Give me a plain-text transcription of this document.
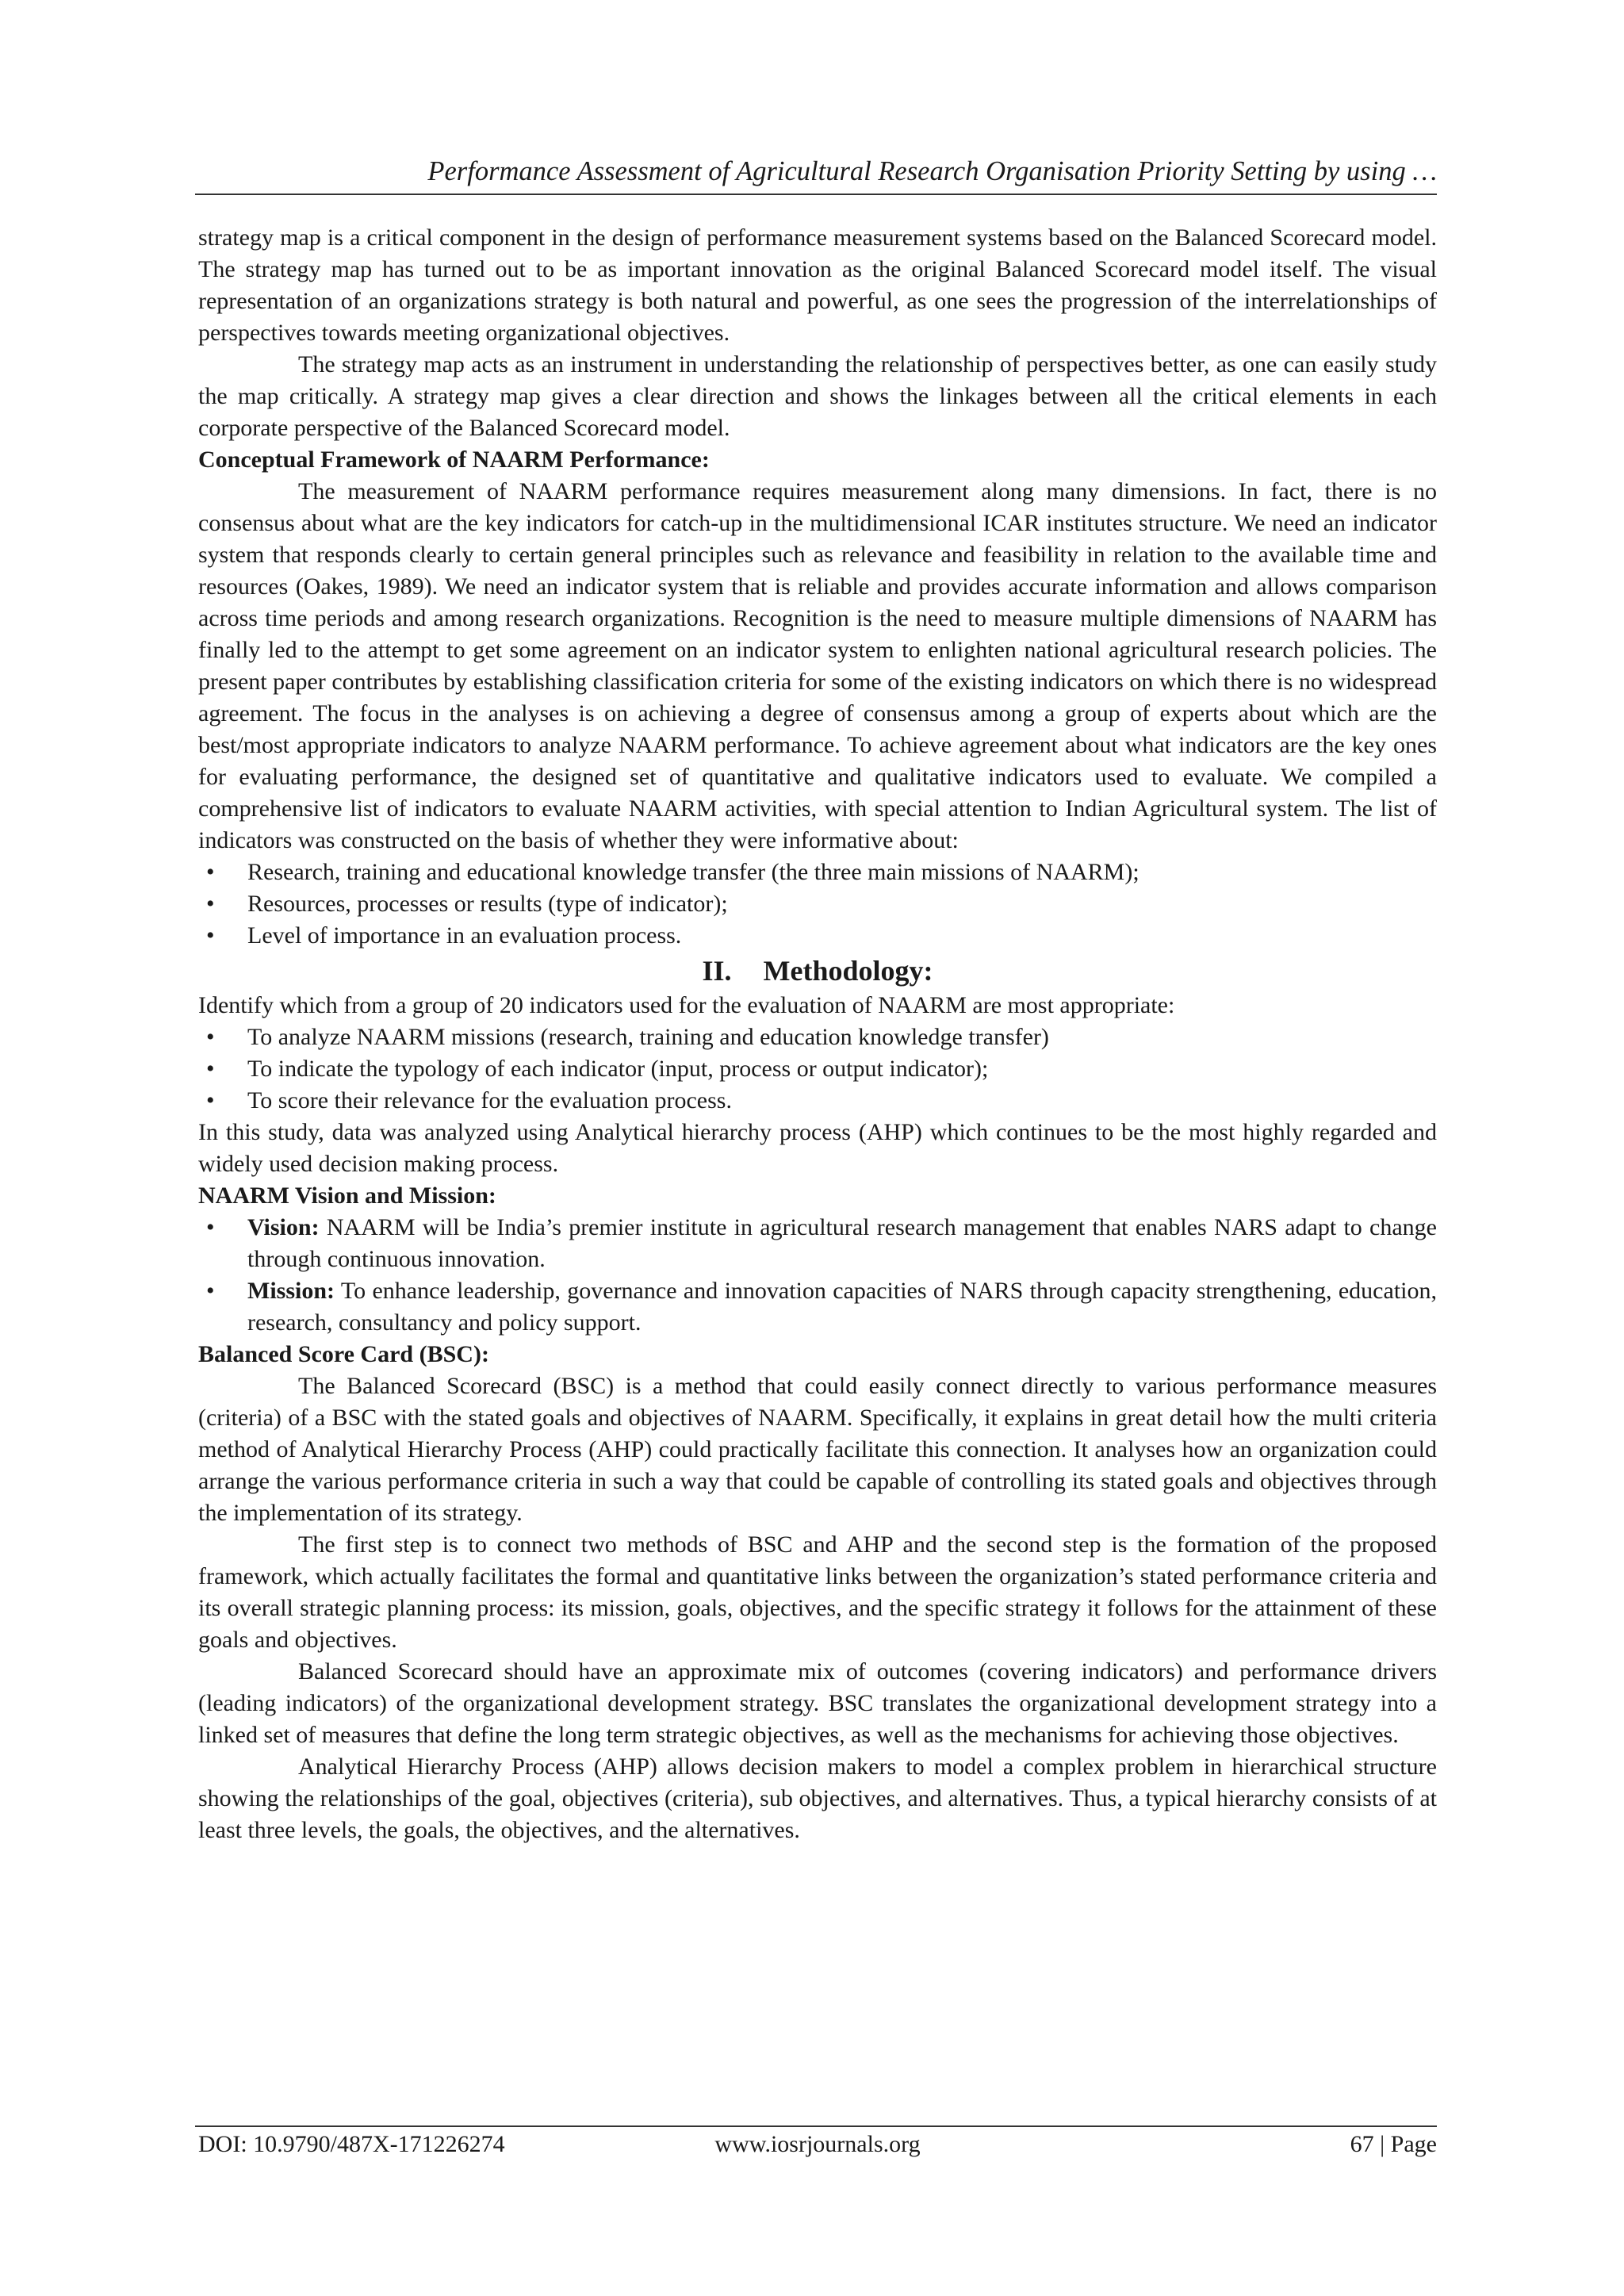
Performance Assessment of Agricultural Research Organisation Priority Setting by using …

strategy map is a critical component in the design of performance measurement systems based on the Balanced Scorecard model. The strategy map has turned out to be as important innovation as the original Balanced Scorecard model itself. The visual representation of an organizations strategy is both natural and powerful, as one sees the progression of the interrelationships of perspectives towards meeting organizational objectives.

The strategy map acts as an instrument in understanding the relationship of perspectives better, as one can easily study the map critically. A strategy map gives a clear direction and shows the linkages between all the critical elements in each corporate perspective of the Balanced Scorecard model.

Conceptual Framework of NAARM Performance:

The measurement of NAARM performance requires measurement along many dimensions. In fact, there is no consensus about what are the key indicators for catch-up in the multidimensional ICAR institutes structure. We need an indicator system that responds clearly to certain general principles such as relevance and feasibility in relation to the available time and resources (Oakes, 1989). We need an indicator system that is reliable and provides accurate information and allows comparison across time periods and among research organizations. Recognition is the need to measure multiple dimensions of NAARM has finally led to the attempt to get some agreement on an indicator system to enlighten national agricultural research policies. The present paper contributes by establishing classification criteria for some of the existing indicators on which there is no widespread agreement. The focus in the analyses is on achieving a degree of consensus among a group of experts about which are the best/most appropriate indicators to analyze NAARM performance. To achieve agreement about what indicators are the key ones for evaluating performance, the designed set of quantitative and qualitative indicators used to evaluate. We compiled a comprehensive list of indicators to evaluate NAARM activities, with special attention to Indian Agricultural system. The list of indicators was constructed on the basis of whether they were informative about:

• Research, training and educational knowledge transfer (the three main missions of NAARM);
• Resources, processes or results (type of indicator);
• Level of importance in an evaluation process.

II. Methodology:

Identify which from a group of 20 indicators used for the evaluation of NAARM are most appropriate:

• To analyze NAARM missions (research, training and education knowledge transfer)
• To indicate the typology of each indicator (input, process or output indicator);
• To score their relevance for the evaluation process.

In this study, data was analyzed using Analytical hierarchy process (AHP) which continues to be the most highly regarded and widely used decision making process.

NAARM Vision and Mission:

• Vision: NAARM will be India’s premier institute in agricultural research management that enables NARS adapt to change through continuous innovation.
• Mission: To enhance leadership, governance and innovation capacities of NARS through capacity strengthening, education, research, consultancy and policy support.

Balanced Score Card (BSC):

The Balanced Scorecard (BSC) is a method that could easily connect directly to various performance measures (criteria) of a BSC with the stated goals and objectives of NAARM. Specifically, it explains in great detail how the multi criteria method of Analytical Hierarchy Process (AHP) could practically facilitate this connection. It analyses how an organization could arrange the various performance criteria in such a way that could be capable of controlling its stated goals and objectives through the implementation of its strategy.

The first step is to connect two methods of BSC and AHP and the second step is the formation of the proposed framework, which actually facilitates the formal and quantitative links between the organization’s stated performance criteria and its overall strategic planning process: its mission, goals, objectives, and the specific strategy it follows for the attainment of these goals and objectives.

Balanced Scorecard should have an approximate mix of outcomes (covering indicators) and performance drivers (leading indicators) of the organizational development strategy. BSC translates the organizational development strategy into a linked set of measures that define the long term strategic objectives, as well as the mechanisms for achieving those objectives.

Analytical Hierarchy Process (AHP) allows decision makers to model a complex problem in hierarchical structure showing the relationships of the goal, objectives (criteria), sub objectives, and alternatives. Thus, a typical hierarchy consists of at least three levels, the goals, the objectives, and the alternatives.

DOI: 10.9790/487X-171226274	www.iosrjournals.org	67 | Page
